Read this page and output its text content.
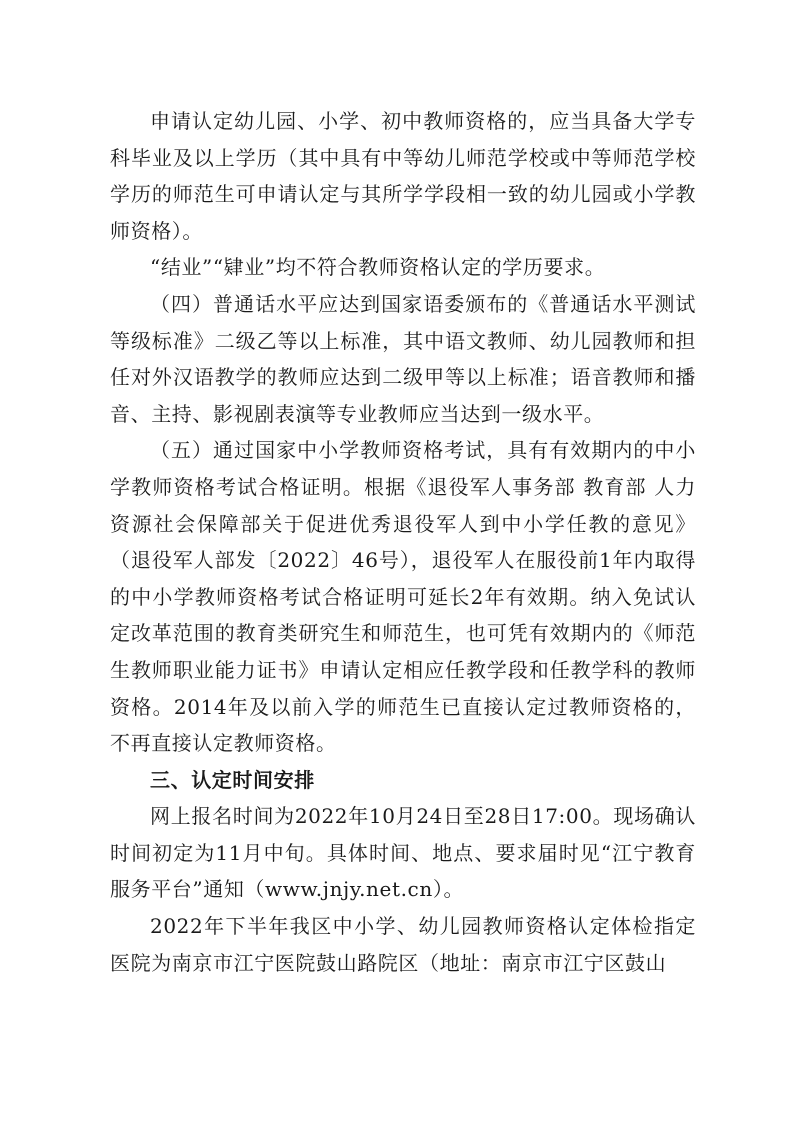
申请认定幼儿园、小学、初中教师资格的，应当具备大学专科毕业及以上学历（其中具有中等幼儿师范学校或中等师范学校学历的师范生可申请认定与其所学学段相一致的幼儿园或小学教师资格）。

“结业”“肄业”均不符合教师资格认定的学历要求。

（四）普通话水平应达到国家语委颁布的《普通话水平测试等级标准》二级乙等以上标准，其中语文教师、幼儿园教师和担任对外汉语教学的教师应达到二级甲等以上标准；语音教师和播音、主持、影视剧表演等专业教师应当达到一级水平。

（五）通过国家中小学教师资格考试，具有有效期内的中小学教师资格考试合格证明。根据《退役军人事务部 教育部 人力资源社会保障部关于促进优秀退役军人到中小学任教的意见》（退役军人部发〔2022〕46号），退役军人在服役前1年内取得的中小学教师资格考试合格证明可延长2年有效期。纳入免试认定改革范围的教育类研究生和师范生，也可凭有效期内的《师范生教师职业能力证书》申请认定相应任教学段和任教学科的教师资格。2014年及以前入学的师范生已直接认定过教师资格的，不再直接认定教师资格。

三、认定时间安排

网上报名时间为2022年10月24日至28日17:00。现场确认时间初定为11月中旬。具体时间、地点、要求届时见“江宁教育服务平台”通知（www.jnjy.net.cn）。

2022年下半年我区中小学、幼儿园教师资格认定体检指定医院为南京市江宁医院鼓山路院区（地址：南京市江宁区鼓山
